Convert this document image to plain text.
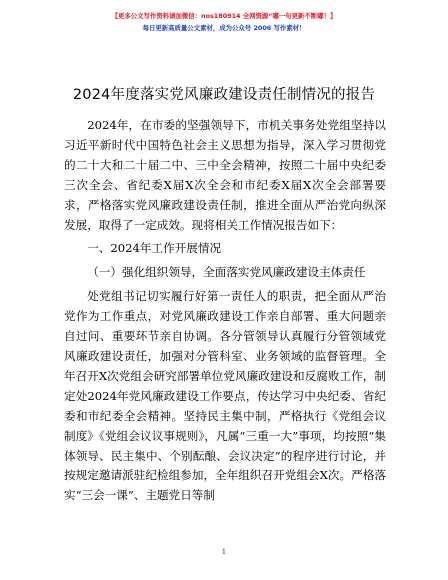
【更多公文写作资料请加微信：nos180914 全网资源“嘟一句更新不断嘟！】
每日更新高质量公文素材，成为公众号 2006 写作素材！
2024年度落实党风廉政建设责任制情况的报告

2024年，在市委的坚强领导下，市机关事务处党组坚持以习近平新时代中国特色社会主义思想为指导，深入学习贯彻党的二十大和二十届二中、三中全会精神，按照二十届中央纪委三次全会、省纪委X届X次全会和市纪委X届X次全会部署要求，严格落实党风廉政建设责任制，推进全面从严治党向纵深发展，取得了一定成效。现将相关工作情况报告如下：

一、2024年工作开展情况

（一）强化组织领导，全面落实党风廉政建设主体责任

处党组书记切实履行好第一责任人的职责，把全面从严治党作为工作重点，对党风廉政建设工作亲自部署、重大问题亲自过问、重要环节亲自协调。各分管领导认真履行分管领域党风廉政建设责任，加强对分管科室、业务领域的监督管理。全年召开X次党组会研究部署单位党风廉政建设和反腐败工作，制定处2024年党风廉政建设工作要点，传达学习中央纪委、省纪委和市纪委全会精神。坚持民主集中制，严格执行《党组会议制度》《党组会议议事规则》，凡属“三重一大”事项，均按照“集体领导、民主集中、个别酝酿、会议决定”的程序进行讨论，并按规定邀请派驻纪检组参加，全年组织召开党组会X次。严格落实“三会一课”、主题党日等制

1
